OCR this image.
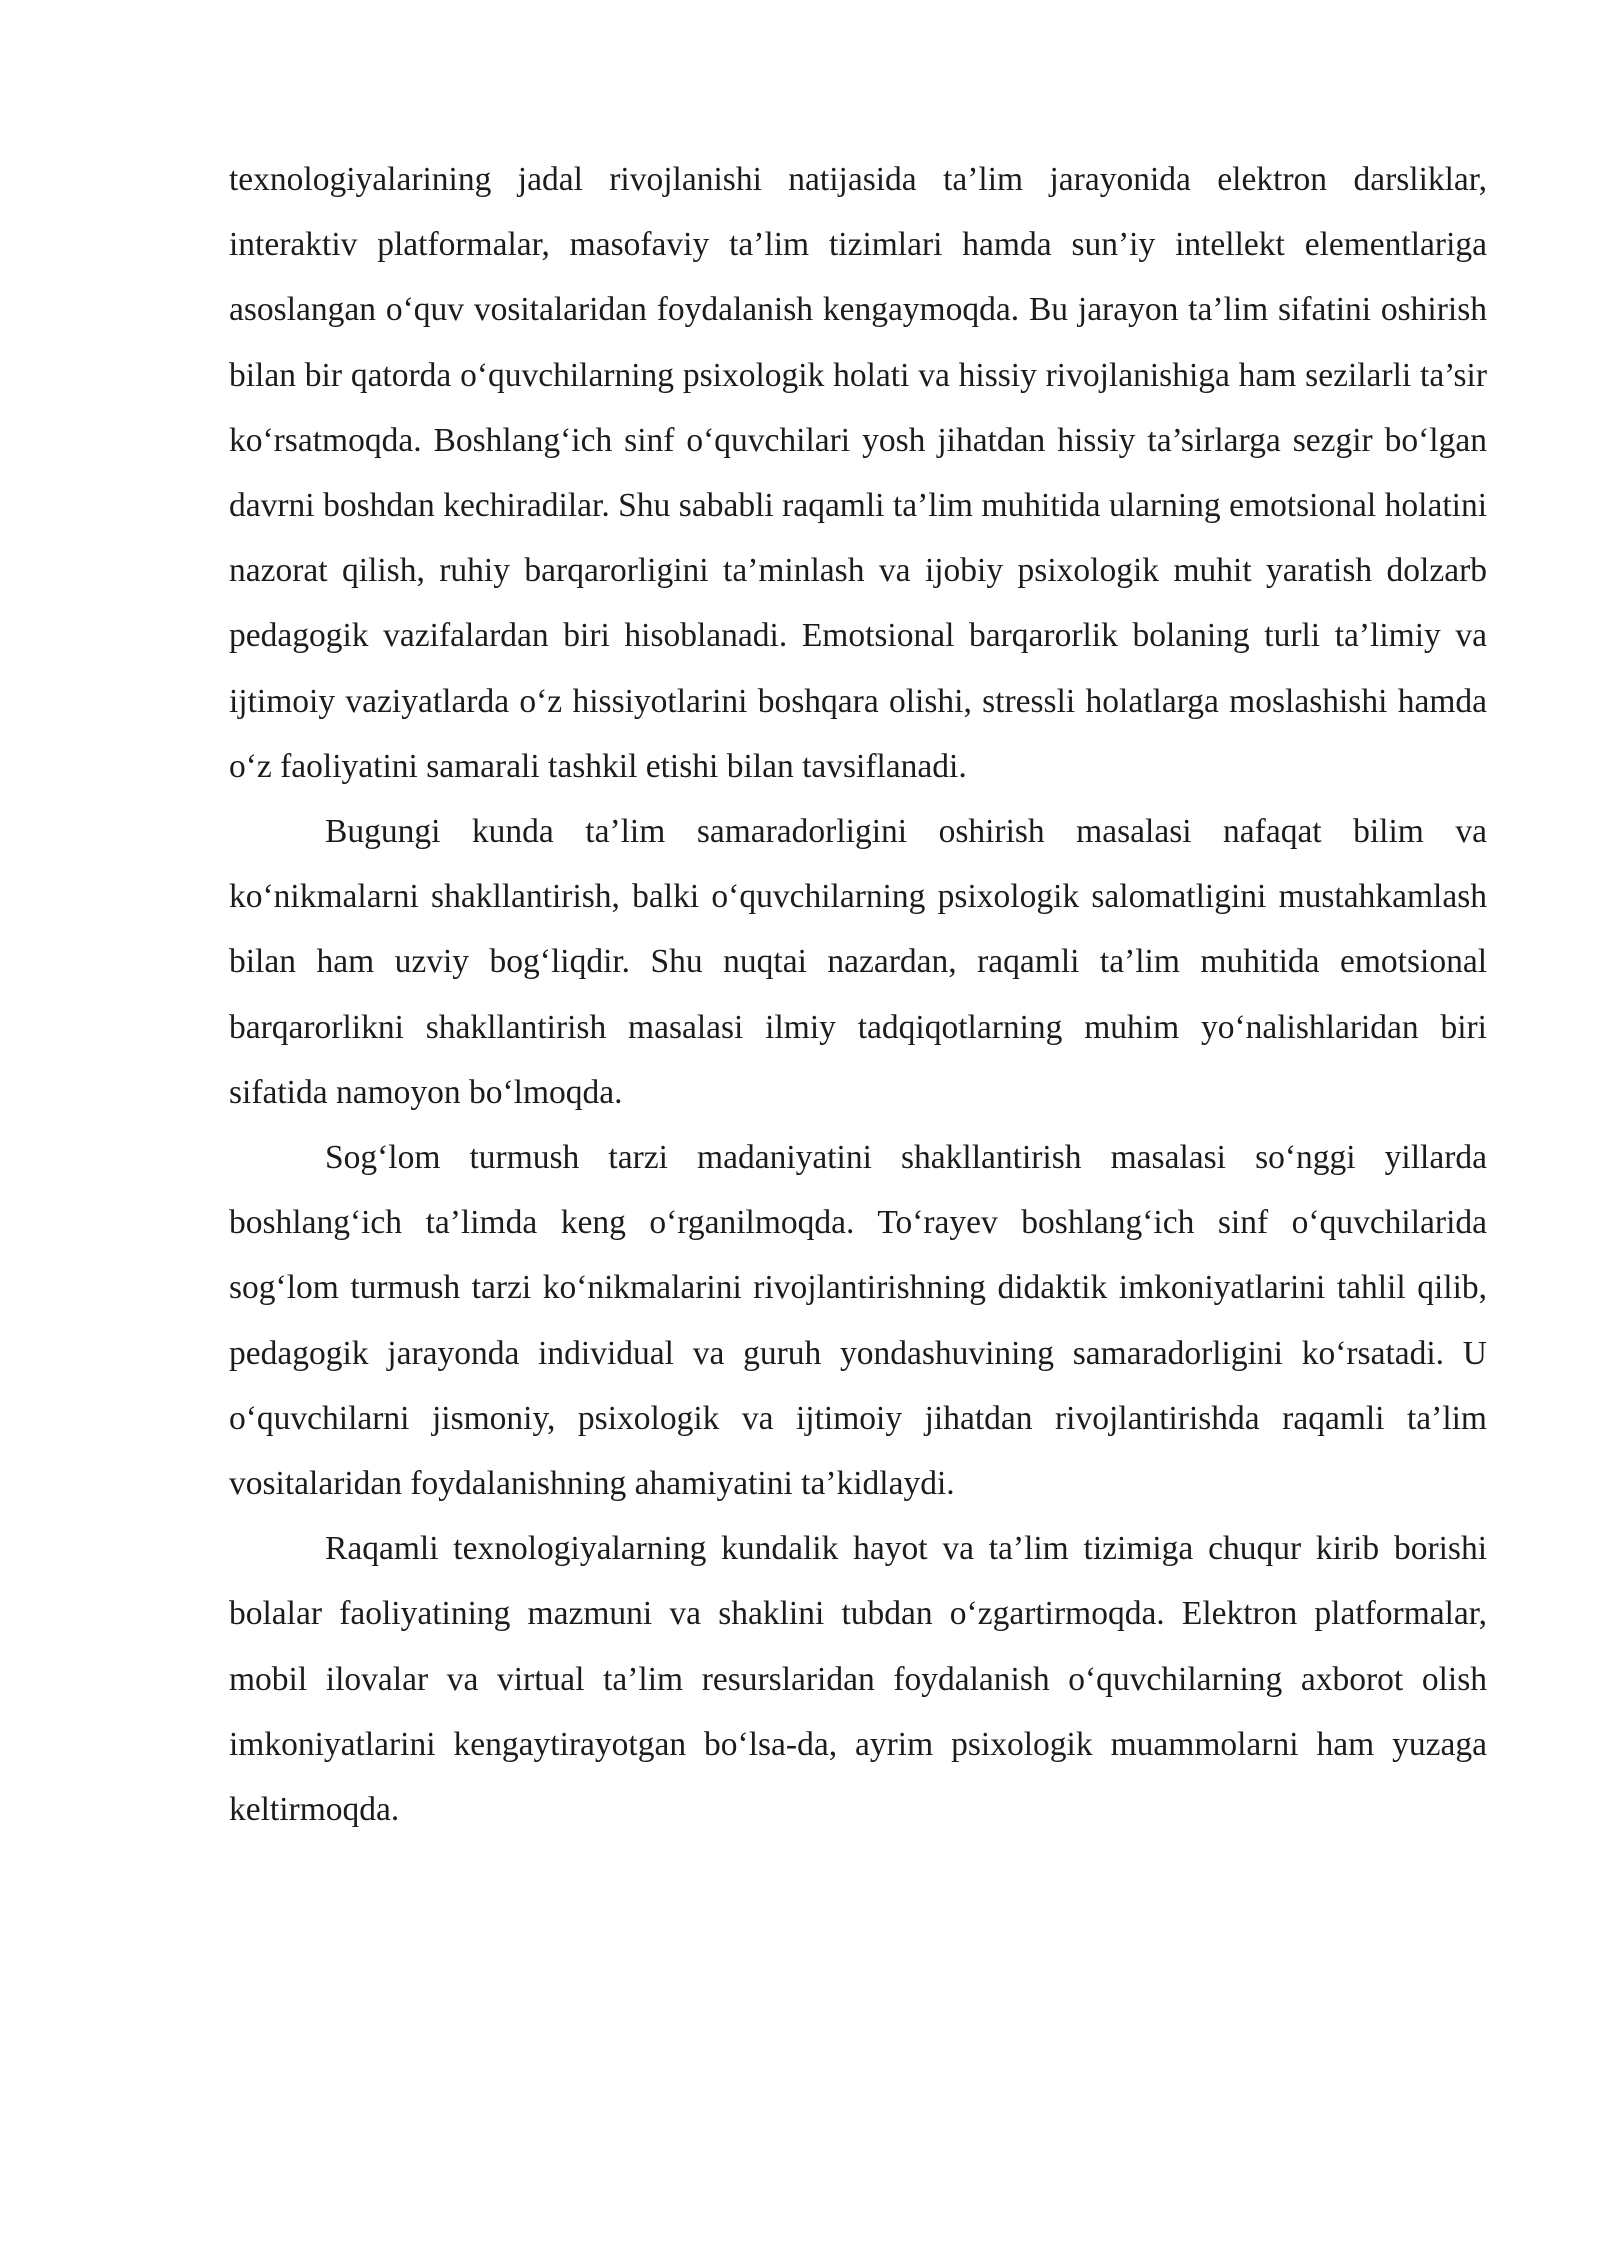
texnologiyalarining jadal rivojlanishi natijasida ta’lim jarayonida elektron darsliklar, interaktiv platformalar, masofaviy ta’lim tizimlari hamda sun’iy intellekt elementlariga asoslangan o‘quv vositalaridan foydalanish kengaymoqda. Bu jarayon ta’lim sifatini oshirish bilan bir qatorda o‘quvchilarning psixologik holati va hissiy rivojlanishiga ham sezilarli ta’sir ko‘rsatmoqda. Boshlang‘ich sinf o‘quvchilari yosh jihatdan hissiy ta’sirlarga sezgir bo‘lgan davrni boshdan kechiradilar. Shu sababli raqamli ta’lim muhitida ularning emotsional holatini nazorat qilish, ruhiy barqarorligini ta’minlash va ijobiy psixologik muhit yaratish dolzarb pedagogik vazifalardan biri hisoblanadi. Emotsional barqarorlik bolaning turli ta’limiy va ijtimoiy vaziyatlarda o‘z hissiyotlarini boshqara olishi, stressli holatlarga moslashishi hamda o‘z faoliyatini samarali tashkil etishi bilan tavsiflanadi.

Bugungi kunda ta’lim samaradorligini oshirish masalasi nafaqat bilim va ko‘nikmalarni shakllantirish, balki o‘quvchilarning psixologik salomatligini mustahkamlash bilan ham uzviy bog‘liqdir. Shu nuqtai nazardan, raqamli ta’lim muhitida emotsional barqarorlikni shakllantirish masalasi ilmiy tadqiqotlarning muhim yo‘nalishlaridan biri sifatida namoyon bo‘lmoqda.

Sog‘lom turmush tarzi madaniyatini shakllantirish masalasi so‘nggi yillarda boshlang‘ich ta’limda keng o‘rganilmoqda. To‘rayev boshlang‘ich sinf o‘quvchilarida sog‘lom turmush tarzi ko‘nikmalarini rivojlantirishning didaktik imkoniyatlarini tahlil qilib, pedagogik jarayonda individual va guruh yondashuvining samaradorligini ko‘rsatadi. U o‘quvchilarni jismoniy, psixologik va ijtimoiy jihatdan rivojlantirishda raqamli ta’lim vositalaridan foydalanishning ahamiyatini ta’kidlaydi.

Raqamli texnologiyalarning kundalik hayot va ta’lim tizimiga chuqur kirib borishi bolalar faoliyatining mazmuni va shaklini tubdan o‘zgartirmoqda. Elektron platformalar, mobil ilovalar va virtual ta’lim resurslaridan foydalanish o‘quvchilarning axborot olish imkoniyatlarini kengaytirayotgan bo‘lsa-da, ayrim psixologik muammolarni ham yuzaga keltirmoqda.
